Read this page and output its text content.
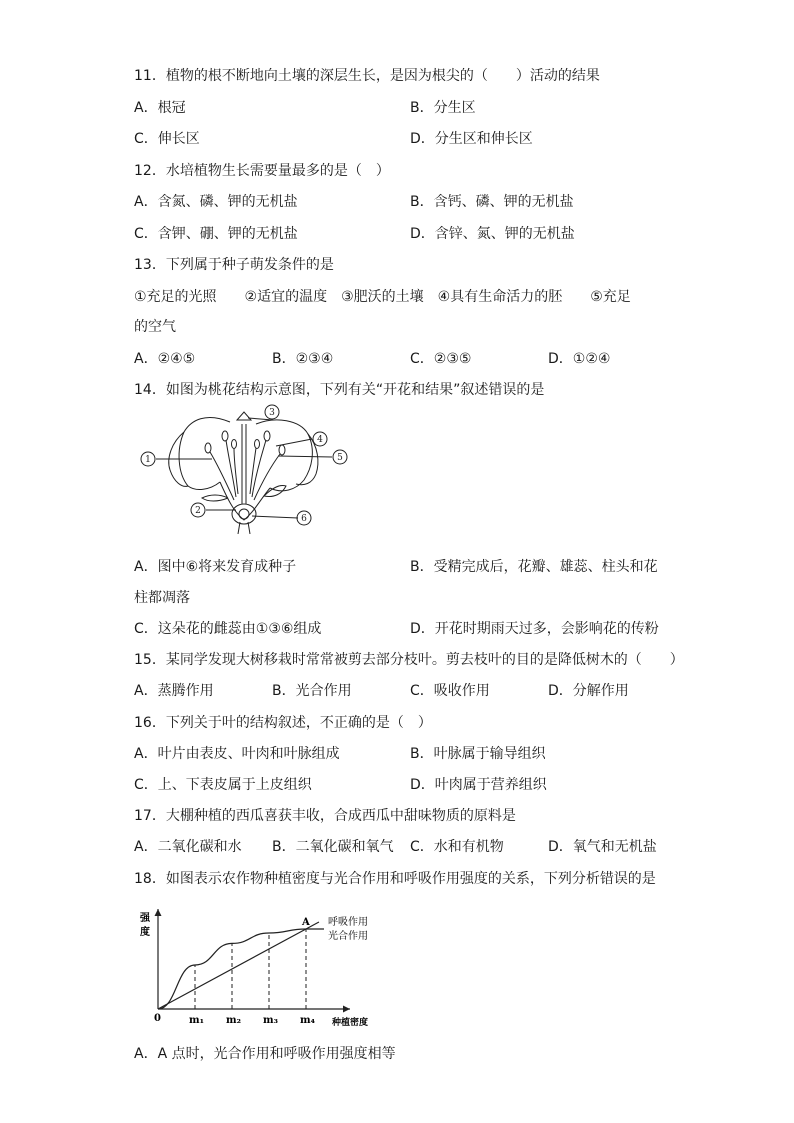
11．植物的根不断地向土壤的深层生长，是因为根尖的（　　）活动的结果
A．根冠	B．分生区
C．伸长区	D．分生区和伸长区
12．水培植物生长需要量最多的是（　）
A．含氮、磷、钾的无机盐	B．含钙、磷、钾的无机盐
C．含钾、硼、钾的无机盐	D．含锌、氮、钾的无机盐
13．下列属于种子萌发条件的是
①充足的光照　　②适宜的温度　③肥沃的土壤　④具有生命活力的胚　　⑤充足
的空气
A．②④⑤	B．②③④	C．②③⑤	D．①②④
14．如图为桃花结构示意图，下列有关“开花和结果”叙述错误的是
1
2
3
4
5
6
A．图中⑥将来发育成种子	B．受精完成后，花瓣、雄蕊、柱头和花
柱都凋落
C．这朵花的雌蕊由①③⑥组成	D．开花时期雨天过多，会影响花的传粉
15．某同学发现大树移栽时常常被剪去部分枝叶。剪去枝叶的目的是降低树木的（　　）
A．蒸腾作用	B．光合作用	C．吸收作用	D．分解作用
16．下列关于叶的结构叙述，不正确的是（　）
A．叶片由表皮、叶肉和叶脉组成	B．叶脉属于输导组织
C．上、下表皮属于上皮组织	D．叶肉属于营养组织
17．大棚种植的西瓜喜获丰收，合成西瓜中甜味物质的原料是
A．二氧化碳和水 B．二氧化碳和氧气 C．水和有机物	D．氧气和无机盐
18．如图表示农作物种植密度与光合作用和呼吸作用强度的关系，下列分析错误的是
m₁ m₂ m₃ m₄
A 呼吸作用
光合作用
强
度
0	种植密度
A．A 点时，光合作用和呼吸作用强度相等
